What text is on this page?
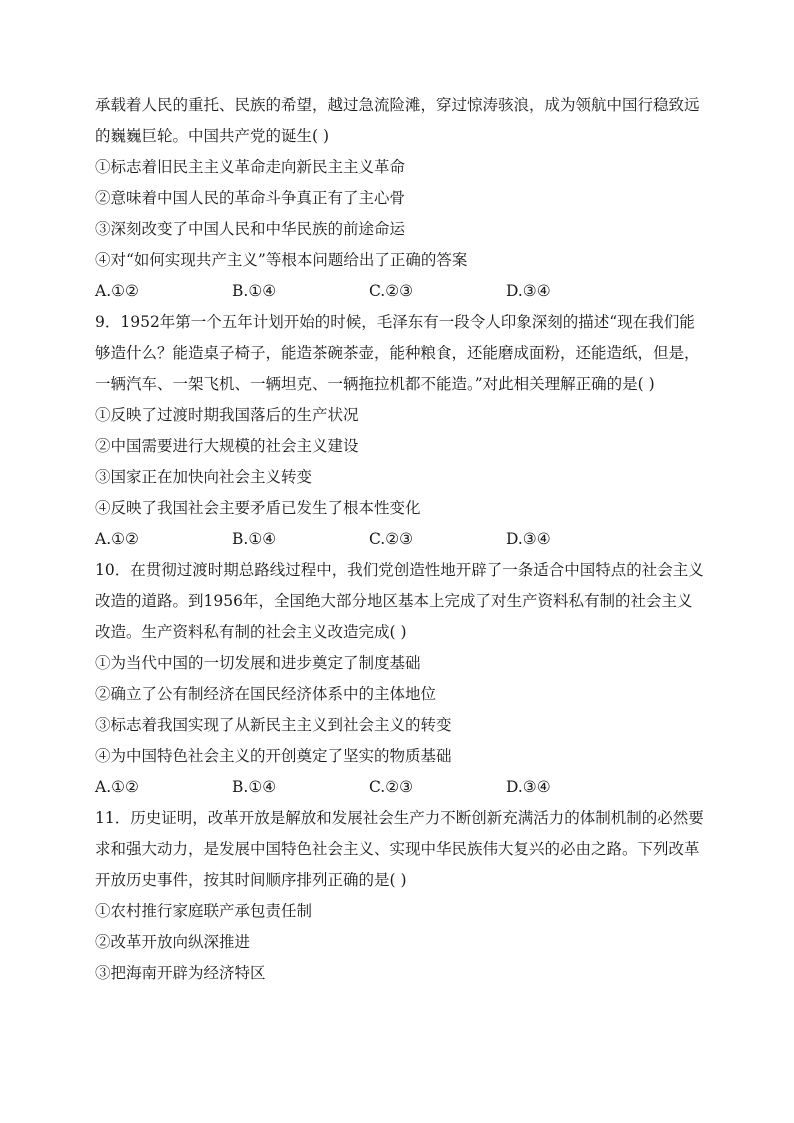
承载着人民的重托、民族的希望，越过急流险滩，穿过惊涛骇浪，成为领航中国行稳致远的巍巍巨轮。中国共产党的诞生( )
①标志着旧民主主义革命走向新民主主义革命
②意味着中国人民的革命斗争真正有了主心骨
③深刻改变了中国人民和中华民族的前途命运
④对“如何实现共产主义”等根本问题给出了正确的答案
A.①②	B.①④	C.②③	D.③④
9．1952年第一个五年计划开始的时候，毛泽东有一段令人印象深刻的描述“现在我们能够造什么？能造桌子椅子，能造茶碗茶壶，能种粮食，还能磨成面粉，还能造纸，但是，一辆汽车、一架飞机、一辆坦克、一辆拖拉机都不能造。”对此相关理解正确的是( )
①反映了过渡时期我国落后的生产状况
②中国需要进行大规模的社会主义建设
③国家正在加快向社会主义转变
④反映了我国社会主要矛盾已发生了根本性变化
A.①②	B.①④	C.②③	D.③④
10．在贯彻过渡时期总路线过程中，我们党创造性地开辟了一条适合中国特点的社会主义改造的道路。到1956年，全国绝大部分地区基本上完成了对生产资料私有制的社会主义改造。生产资料私有制的社会主义改造完成( )
①为当代中国的一切发展和进步奠定了制度基础
②确立了公有制经济在国民经济体系中的主体地位
③标志着我国实现了从新民主主义到社会主义的转变
④为中国特色社会主义的开创奠定了坚实的物质基础
A.①②	B.①④	C.②③	D.③④
11．历史证明，改革开放是解放和发展社会生产力不断创新充满活力的体制机制的必然要求和强大动力，是发展中国特色社会主义、实现中华民族伟大复兴的必由之路。下列改革开放历史事件，按其时间顺序排列正确的是( )
①农村推行家庭联产承包责任制
②改革开放向纵深推进
③把海南开辟为经济特区
